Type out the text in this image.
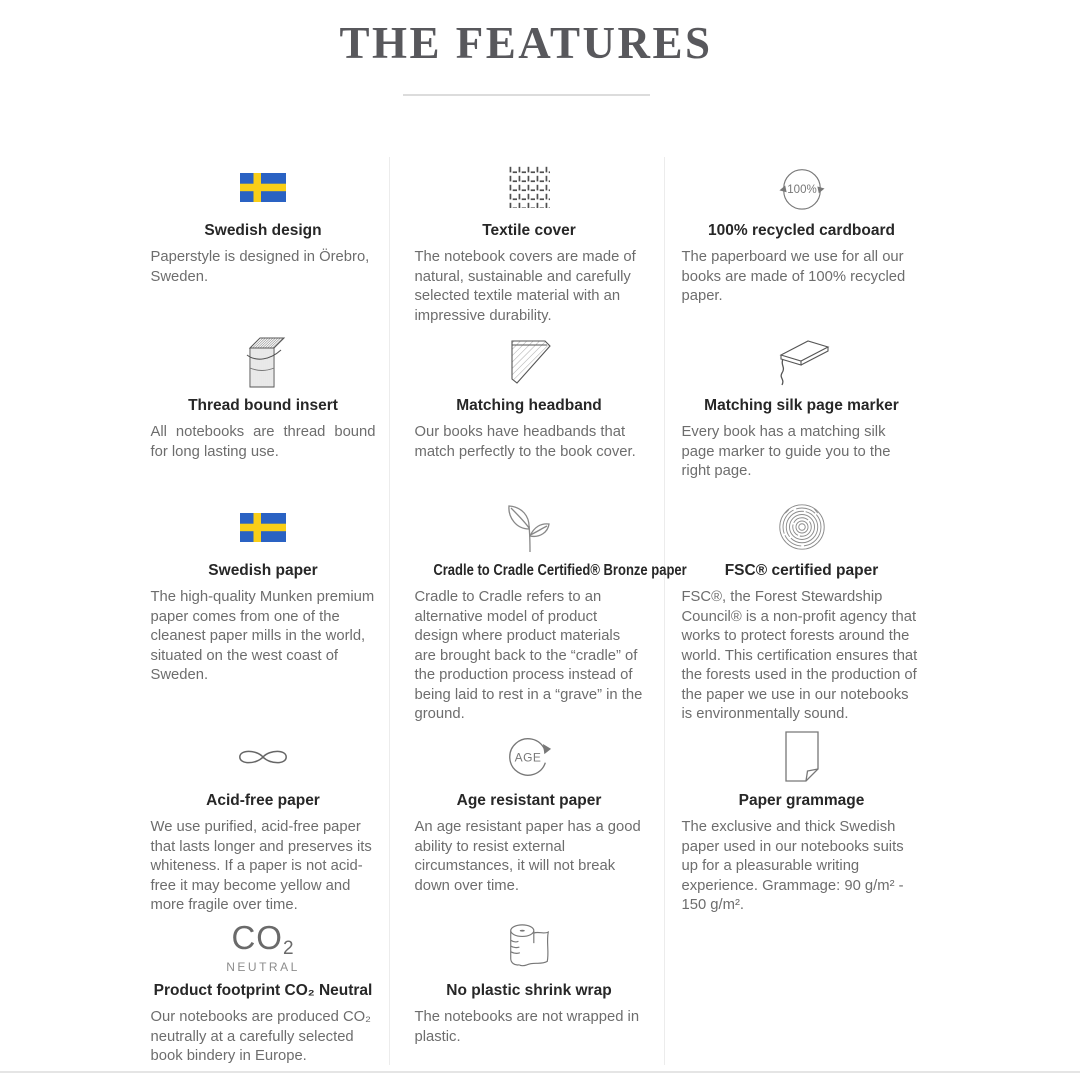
THE FEATURES
Swedish design

Paperstyle is designed in Örebro, Sweden.

Textile cover

The notebook covers are made of natural, sustainable and carefully selected textile material with an impressive durability.

100%
100% recycled cardboard

The paperboard we use for all our books are made of 100% recycled paper.

Thread bound insert

All notebooks are thread bound for long lasting use.

Matching headband

Our books have headbands that match perfectly to the book cover.

Matching silk page marker

Every book has a matching silk page marker to guide you to the right page.

Swedish paper

The high-quality Munken premium paper comes from one of the cleanest paper mills in the world, situated on the west coast of Sweden.

Cradle to Cradle Certified® Bronze paper

Cradle to Cradle refers to an alternative model of product design where product materials are brought back to the “cradle” of the production process instead of being laid to rest in a “grave” in the ground.

FSC® certified paper

FSC®, the Forest Stewardship Council® is a non-profit agency that works to protect forests around the world. This certification ensures that the forests used in the production of the paper we use in our notebooks is environmentally sound.

Acid-free paper

We use purified, acid-free paper that lasts longer and preserves its whiteness. If a paper is not acid-free it may become yellow and more fragile over time.

AGE
Age resistant paper

An age resistant paper has a good ability to resist external circumstances, it will not break down over time.

Paper grammage

The exclusive and thick Swedish paper used in our notebooks suits up for a pleasurable writing experience. Grammage: 90 g/m² - 150 g/m².

CO2
NEUTRAL
Product footprint CO₂ Neutral

Our notebooks are produced CO₂ neutrally at a carefully selected book bindery in Europe.

No plastic shrink wrap

The notebooks are not wrapped in plastic.
